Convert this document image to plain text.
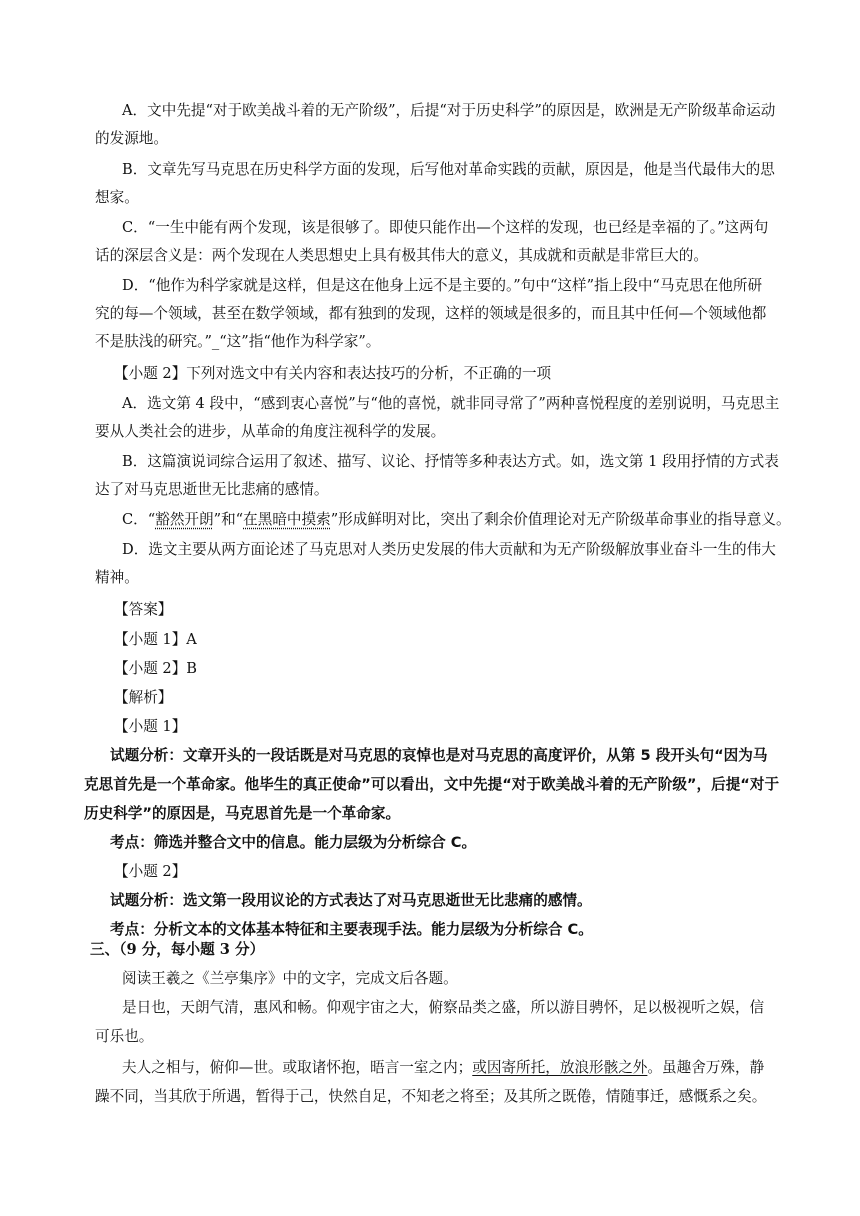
A．文中先提“对于欧美战斗着的无产阶级”，后提“对于历史科学”的原因是，欧洲是无产阶级革命运动
的发源地。
B．文章先写马克思在历史科学方面的发现，后写他对革命实践的贡献，原因是，他是当代最伟大的思
想家。
C．“一生中能有两个发现，该是很够了。即使只能作出—个这样的发现，也已经是幸福的了。”这两句
话的深层含义是：两个发现在人类思想史上具有极其伟大的意义，其成就和贡献是非常巨大的。
D．“他作为科学家就是这样，但是这在他身上远不是主要的。”句中“这样”指上段中“马克思在他所研
究的每—个领域，甚至在数学领域，都有独到的发现，这样的领域是很多的，而且其中任何—个领域他都
不是肤浅的研究。”_“这”指“他作为科学家”。
【小题 2】下列对选文中有关内容和表达技巧的分析，不正确的一项
A．选文第 4 段中，“感到衷心喜悦”与“他的喜悦，就非同寻常了”两种喜悦程度的差别说明，马克思主
要从人类社会的进步，从革命的角度注视科学的发展。
B．这篇演说词综合运用了叙述、描写、议论、抒情等多种表达方式。如，选文第 1 段用抒情的方式表
达了对马克思逝世无比悲痛的感情。
C．“豁然开朗”和“在黑暗中摸索”形成鲜明对比，突出了剩余价值理论对无产阶级革命事业的指导意义。
D．选文主要从两方面论述了马克思对人类历史发展的伟大贡献和为无产阶级解放事业奋斗一生的伟大
精神。
【答案】
【小题 1】A
【小题 2】B
【解析】
【小题 1】
试题分析：文章开头的一段话既是对马克思的哀悼也是对马克思的高度评价，从第 5 段开头句“因为马
克思首先是一个革命家。他毕生的真正使命”可以看出，文中先提“对于欧美战斗着的无产阶级”，后提“对于
历史科学”的原因是，马克思首先是一个革命家。
考点：筛选并整合文中的信息。能力层级为分析综合 C。
【小题 2】
试题分析：选文第一段用议论的方式表达了对马克思逝世无比悲痛的感情。
考点：分析文本的文体基本特征和主要表现手法。能力层级为分析综合 C。
三、（9 分，每小题 3 分）
阅读王羲之《兰亭集序》中的文字，完成文后各题。
是日也，天朗气清，惠风和畅。仰观宇宙之大，俯察品类之盛，所以游目骋怀，足以极视听之娱，信
可乐也。
夫人之相与，俯仰—世。或取诸怀抱，晤言一室之内；或因寄所托，放浪形骸之外。虽趣舍万殊，静
躁不同，当其欣于所遇，暂得于己，快然自足，不知老之将至；及其所之既倦，情随事迁，感慨系之矣。
